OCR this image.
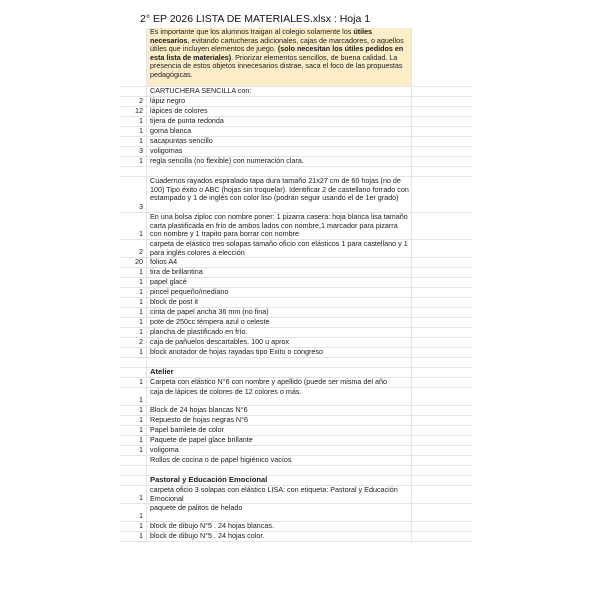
2° EP 2026 LISTA DE MATERIALES.xlsx : Hoja 1
Es importante que los alumnos traigan al colegio solamente los útiles necesarios, evitando cartucheras adicionales, cajas de marcadores, o aquellos útiles que incluyen elementos de juego. (solo necesitan los útiles pedidos en esta lista de materiales). Priorizar elementos sencillos, de buena calidad. La presencia de estos objetos innecesarios distrae, saca el foco de las propuestas pedagógicas.
CARTUCHERA SENCILLA con:
2 lápiz negro
12 lápices de colores
1 tijera de punta redonda
1 goma blanca
1 sacapuntas sencillo
3 voligomas
1 regla sencilla (no flexible) con numeración clara.
3
Cuadernos rayados espiralado tapa dura tamaño 21x27 cm de 60 hojas (no de 100) Tipo éxito o ABC (hojas sin troquelar). Identificar 2 de castellano forrado con estampado y 1 de inglés con color liso (podrán seguir usando el de 1er grado)
1
En una bolsa ziploc con nombre poner: 1 pizarra casera: hoja blanca lisa tamaño carta plastificada en frío de ambos lados con nombre,1 marcador para pizarra con nombre y 1 trapito para borrar con nombre
2
carpeta de elástico tres solapas tamaño oficio con elásticos 1 para castellano y 1 para inglés colores a elección
20 folios A4
1 tira de brillantina
1 papel glacé
1 pincel pequeño/mediano
1 block de post it
1 cinta de papel ancha 36 mm (no fina)
1 pote de 250cc témpera azul o celeste
1 plancha de plastificado en frío.
2 caja de pañuelos descartables. 100 u aprox
1 block anotador de hojas rayadas tipo Exito o congreso
Atelier
1 Carpeta con elástico N°6 con nombre y apellido (puede ser misma del año
1
caja de lápices de colores de 12 colores o más.
1 Block de 24 hojas blancas N°6
1 Repuesto de hojas negras N°6
1 Papel barrilete de color
1 Paquete de papel glace brillante
1 voligoma
Rollos de cocina o de papel higiénico vacíos
Pastoral y Educación Emocional
1
carpeta oficio 3 solapas con elástico LISA: con etiqueta: Pastoral y Educación Emocional
1
paquete de palitos de helado
1 block de dibujo N°5 . 24 hojas blancas.
1 block de dibujo N°5 . 24 hojas color.
